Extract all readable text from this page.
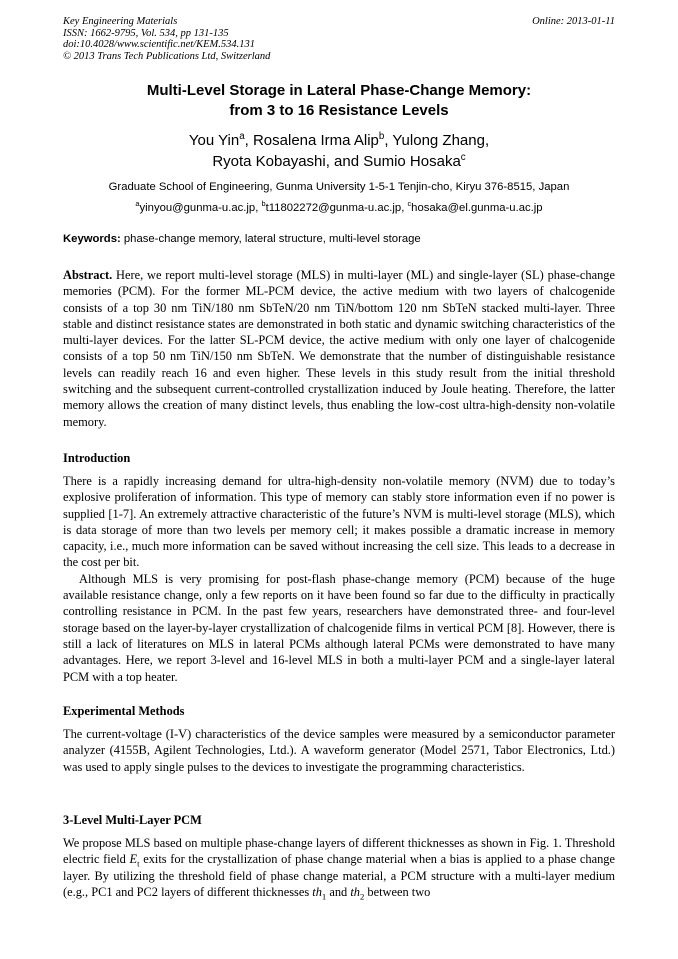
Key Engineering Materials
ISSN: 1662-9795, Vol. 534, pp 131-135
doi:10.4028/www.scientific.net/KEM.534.131
© 2013 Trans Tech Publications Ltd, Switzerland
Online: 2013-01-11
Multi-Level Storage in Lateral Phase-Change Memory:
from 3 to 16 Resistance Levels
You Yin$^a$, Rosalena Irma Alip$^b$, Yulong Zhang,
Ryota Kobayashi, and Sumio Hosaka$^c$
Graduate School of Engineering, Gunma University 1-5-1 Tenjin-cho, Kiryu 376-8515, Japan
$^a$yinyou@gunma-u.ac.jp, $^b$t11802272@gunma-u.ac.jp, $^c$hosaka@el.gunma-u.ac.jp
Keywords: phase-change memory, lateral structure, multi-level storage

Abstract. Here, we report multi-level storage (MLS) in multi-layer (ML) and single-layer (SL) phase-change memories (PCM). For the former ML-PCM device, the active medium with two layers of chalcogenide consists of a top 30 nm TiN/180 nm SbTeN/20 nm TiN/bottom 120 nm SbTeN stacked multi-layer. Three stable and distinct resistance states are demonstrated in both static and dynamic switching characteristics of the multi-layer devices. For the latter SL-PCM device, the active medium with only one layer of chalcogenide consists of a top 50 nm TiN/150 nm SbTeN. We demonstrate that the number of distinguishable resistance levels can readily reach 16 and even higher. These levels in this study result from the initial threshold switching and the subsequent current-controlled crystallization induced by Joule heating. Therefore, the latter memory allows the creation of many distinct levels, thus enabling the low-cost ultra-high-density non-volatile memory.

Introduction

There is a rapidly increasing demand for ultra-high-density non-volatile memory (NVM) due to today’s explosive proliferation of information. This type of memory can stably store information even if no power is supplied [1-7]. An extremely attractive characteristic of the future’s NVM is multi-level storage (MLS), which is data storage of more than two levels per memory cell; it makes possible a dramatic increase in memory capacity, i.e., much more information can be saved without increasing the cell size. This leads to a decrease in the cost per bit.

Although MLS is very promising for post-flash phase-change memory (PCM) because of the huge available resistance change, only a few reports on it have been found so far due to the difficulty in practically controlling resistance in PCM. In the past few years, researchers have demonstrated three- and four-level storage based on the layer-by-layer crystallization of chalcogenide films in vertical PCM [8]. However, there is still a lack of literatures on MLS in lateral PCMs although lateral PCMs were demonstrated to have many advantages. Here, we report 3-level and 16-level MLS in both a multi-layer PCM and a single-layer lateral PCM with a top heater.

Experimental Methods

The current-voltage (I-V) characteristics of the device samples were measured by a semiconductor parameter analyzer (4155B, Agilent Technologies, Ltd.). A waveform generator (Model 2571, Tabor Electronics, Ltd.) was used to apply single pulses to the devices to investigate the programming characteristics.

3-Level Multi-Layer PCM

We propose MLS based on multiple phase-change layers of different thicknesses as shown in Fig. 1. Threshold electric field $E_t$ exits for the crystallization of phase change material when a bias is applied to a phase change layer. By utilizing the threshold field of phase change material, a PCM structure with a multi-layer medium (e.g., PC1 and PC2 layers of different thicknesses $th_1$ and $th_2$ between two
